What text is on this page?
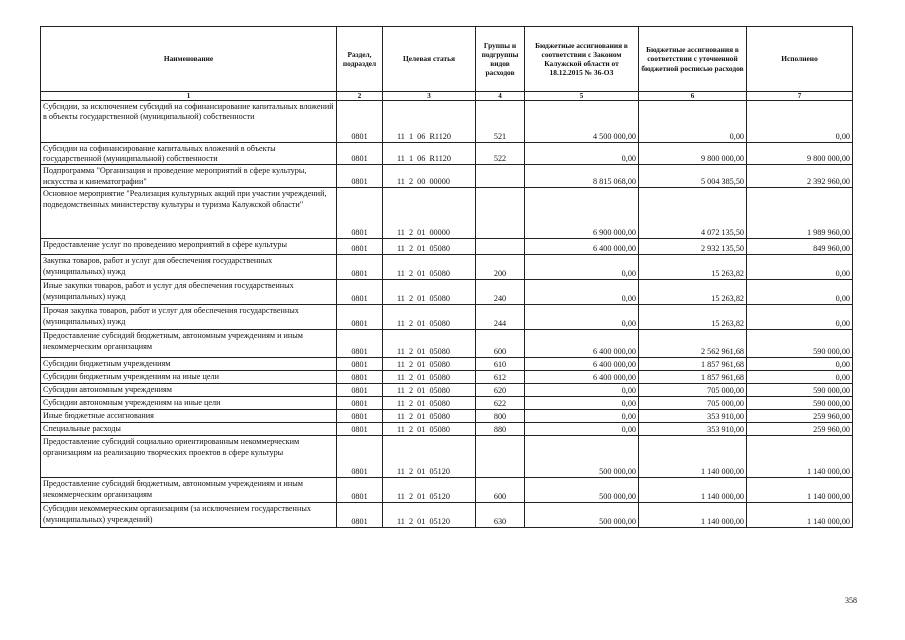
Наименование	Раздел, подраздел	Целевая статья	Группы и подгруппы видов расходов	Бюджетные ассигнования в соответствии с Законом Калужской области от 18.12.2015 № 36-ОЗ	Бюджетные ассигнования в соответствии с уточненной бюджетной росписью расходов	Исполнено
1	2	3	4	5	6	7
Субсидии, за исключением субсидий на софинансирование капитальных вложений в объекты государственной (муниципальной) собственности	0801	11  1  06  R1120	521	4 500 000,00	0,00	0,00
Субсидии на софинансирование капитальных вложений в объекты государственной (муниципальной) собственности	0801	11  1  06  R1120	522	0,00	9 800 000,00	9 800 000,00
Подпрограмма "Организация и проведение мероприятий в сфере культуры, искусства и кинематографии"	0801	11  2  00  00000		8 815 068,00	5 004 385,50	2 392 960,00
Основное мероприятие "Реализация культурных акций при участии учреждений, подведомственных министерству культуры и туризма Калужской области"	0801	11  2  01  00000		6 900 000,00	4 072 135,50	1 989 960,00
Предоставление услуг по проведению мероприятий в сфере культуры	0801	11  2  01  05080		6 400 000,00	2 932 135,50	849 960,00
Закупка товаров, работ и услуг для обеспечения государственных (муниципальных) нужд	0801	11  2  01  05080	200	0,00	15 263,82	0,00
Иные закупки товаров, работ и услуг для обеспечения государственных (муниципальных) нужд	0801	11  2  01  05080	240	0,00	15 263,82	0,00
Прочая закупка товаров, работ и услуг для обеспечения государственных (муниципальных) нужд	0801	11  2  01  05080	244	0,00	15 263,82	0,00
Предоставление субсидий бюджетным, автономным учреждениям и иным некоммерческим организациям	0801	11  2  01  05080	600	6 400 000,00	2 562 961,68	590 000,00
Субсидии бюджетным учреждениям	0801	11  2  01  05080	610	6 400 000,00	1 857 961,68	0,00
Субсидии бюджетным учреждениям на иные цели	0801	11  2  01  05080	612	6 400 000,00	1 857 961,68	0,00
Субсидии автономным учреждениям	0801	11  2  01  05080	620	0,00	705 000,00	590 000,00
Субсидии автономным учреждениям на иные цели	0801	11  2  01  05080	622	0,00	705 000,00	590 000,00
Иные бюджетные ассигнования	0801	11  2  01  05080	800	0,00	353 910,00	259 960,00
Специальные расходы	0801	11  2  01  05080	880	0,00	353 910,00	259 960,00
Предоставление субсидий социально ориентированным некоммерческим организациям на реализацию творческих проектов в сфере культуры	0801	11  2  01  05120		500 000,00	1 140 000,00	1 140 000,00
Предоставление субсидий бюджетным, автономным учреждениям и иным некоммерческим организациям	0801	11  2  01  05120	600	500 000,00	1 140 000,00	1 140 000,00
Субсидии некоммерческим организациям (за исключением государственных (муниципальных) учреждений)	0801	11  2  01  05120	630	500 000,00	1 140 000,00	1 140 000,00
358
